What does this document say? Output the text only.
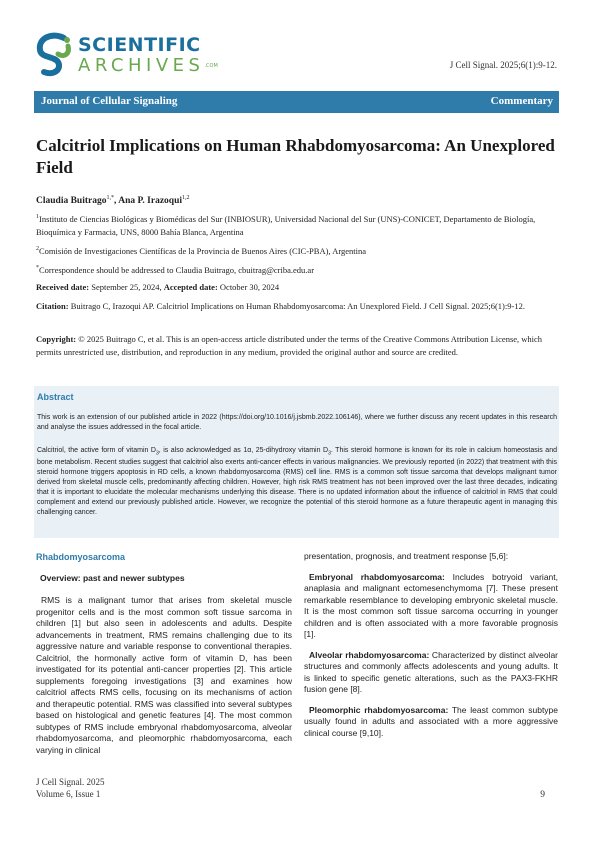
SCIENTIFIC
ARCHIVES.COM	J Cell Signal. 2025;6(1):9-12.
Journal of Cellular Signaling	Commentary
Calcitriol Implications on Human Rhabdomyosarcoma: An Unexplored Field
Claudia Buitrago$^{1,*}$, Ana P. Irazoqui$^{1,2}$
$^1$Instituto de Ciencias Biológicas y Biomédicas del Sur (INBIOSUR), Universidad Nacional del Sur (UNS)-CONICET, Departamento de Biología, Bioquímica y Farmacia, UNS, 8000 Bahía Blanca, Argentina
$^2$Comisión de Investigaciones Científicas de la Provincia de Buenos Aires (CIC-PBA), Argentina
*Correspondence should be addressed to Claudia Buitrago, cbuitrag@criba.edu.ar
Received date: September 25, 2024, Accepted date: October 30, 2024
Citation: Buitrago C, Irazoqui AP. Calcitriol Implications on Human Rhabdomyosarcoma: An Unexplored Field. J Cell Signal. 2025;6(1):9-12.
Copyright: © 2025 Buitrago C, et al. This is an open-access article distributed under the terms of the Creative Commons Attribution License, which permits unrestricted use, distribution, and reproduction in any medium, provided the original author and source are credited.
Abstract

This work is an extension of our published article in 2022 (https://doi.org/10.1016/j.jsbmb.2022.106146), where we further discuss any recent updates in this research and analyse the issues addressed in the focal article.

Calcitriol, the active form of vitamin $D_3$, is also acknowledged as 1α, 25-dihydroxy vitamin $D_3$. This steroid hormone is known for its role in calcium homeostasis and bone metabolism. Recent studies suggest that calcitriol also exerts anti-cancer effects in various malignancies. We previously reported (in 2022) that treatment with this steroid hormone triggers apoptosis in RD cells, a known rhabdomyosarcoma (RMS) cell line. RMS is a common soft tissue sarcoma that develops malignant tumor derived from skeletal muscle cells, predominantly affecting children. However, high risk RMS treatment has not been improved over the last three decades, indicating that it is important to elucidate the molecular mechanisms underlying this disease. There is no updated information about the influence of calcitriol in RMS that could complement and extend our previously published article. However, we recognize the potential of this steroid hormone as a future therapeutic agent in managing this challenging cancer.

Rhabdomyosarcoma
Overview: past and newer subtypes

RMS is a malignant tumor that arises from skeletal muscle progenitor cells and is the most common soft tissue sarcoma in children [1] but also seen in adolescents and adults. Despite advancements in treatment, RMS remains challenging due to its aggressive nature and variable response to conventional therapies. Calcitriol, the hormonally active form of vitamin D, has been investigated for its potential anti-cancer properties [2]. This article supplements foregoing investigations [3] and examines how calcitriol affects RMS cells, focusing on its mechanisms of action and therapeutic potential. RMS was classified into several subtypes based on histological and genetic features [4]. The most common subtypes of RMS include embryonal rhabdomyosarcoma, alveolar rhabdomyosarcoma, and pleomorphic rhabdomyosarcoma, each varying in clinical

presentation, prognosis, and treatment response [5,6]:

Embryonal rhabdomyosarcoma: Includes botryoid variant, anaplasia and malignant ectomesenchymoma [7]. These present remarkable resemblance to developing embryonic skeletal muscle. It is the most common soft tissue sarcoma occurring in younger children and is often associated with a more favorable prognosis [1].

Alveolar rhabdomyosarcoma: Characterized by distinct alveolar structures and commonly affects adolescents and young adults. It is linked to specific genetic alterations, such as the PAX3-FKHR fusion gene [8].

Pleomorphic rhabdomyosarcoma: The least common subtype usually found in adults and associated with a more aggressive clinical course [9,10].

J Cell Signal. 2025
Volume 6, Issue 1	9
